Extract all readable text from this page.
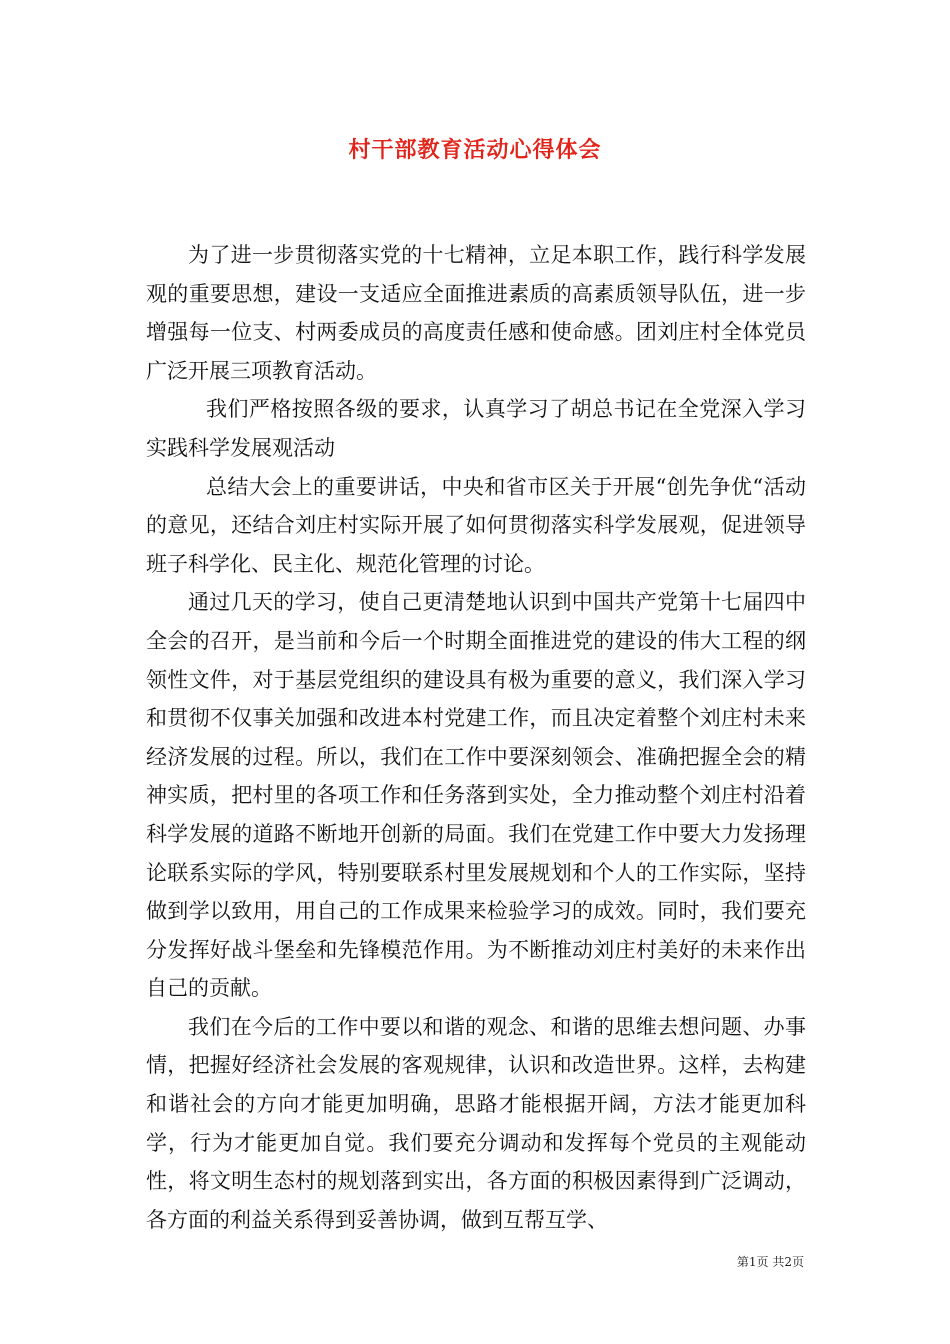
村干部教育活动心得体会

为了进一步贯彻落实党的十七精神，立足本职工作，践行科学发展观的重要思想，建设一支适应全面推进素质的高素质领导队伍，进一步增强每一位支、村两委成员的高度责任感和使命感。团刘庄村全体党员广泛开展三项教育活动。

我们严格按照各级的要求，认真学习了胡总书记在全党深入学习实践科学发展观活动

总结大会上的重要讲话，中央和省市区关于开展“创先争优“活动的意见，还结合刘庄村实际开展了如何贯彻落实科学发展观，促进领导班子科学化、民主化、规范化管理的讨论。

通过几天的学习，使自己更清楚地认识到中国共产党第十七届四中全会的召开，是当前和今后一个时期全面推进党的建设的伟大工程的纲领性文件，对于基层党组织的建设具有极为重要的意义，我们深入学习和贯彻不仅事关加强和改进本村党建工作，而且决定着整个刘庄村未来经济发展的过程。所以，我们在工作中要深刻领会、准确把握全会的精神实质，把村里的各项工作和任务落到实处，全力推动整个刘庄村沿着科学发展的道路不断地开创新的局面。我们在党建工作中要大力发扬理论联系实际的学风，特别要联系村里发展规划和个人的工作实际，坚持做到学以致用，用自己的工作成果来检验学习的成效。同时，我们要充分发挥好战斗堡垒和先锋模范作用。为不断推动刘庄村美好的未来作出自己的贡献。

我们在今后的工作中要以和谐的观念、和谐的思维去想问题、办事情，把握好经济社会发展的客观规律，认识和改造世界。这样，去构建和谐社会的方向才能更加明确，思路才能根据开阔，方法才能更加科学，行为才能更加自觉。我们要充分调动和发挥每个党员的主观能动性，将文明生态村的规划落到实出，各方面的积极因素得到广泛调动，各方面的利益关系得到妥善协调，做到互帮互学、

第1页 共2页
